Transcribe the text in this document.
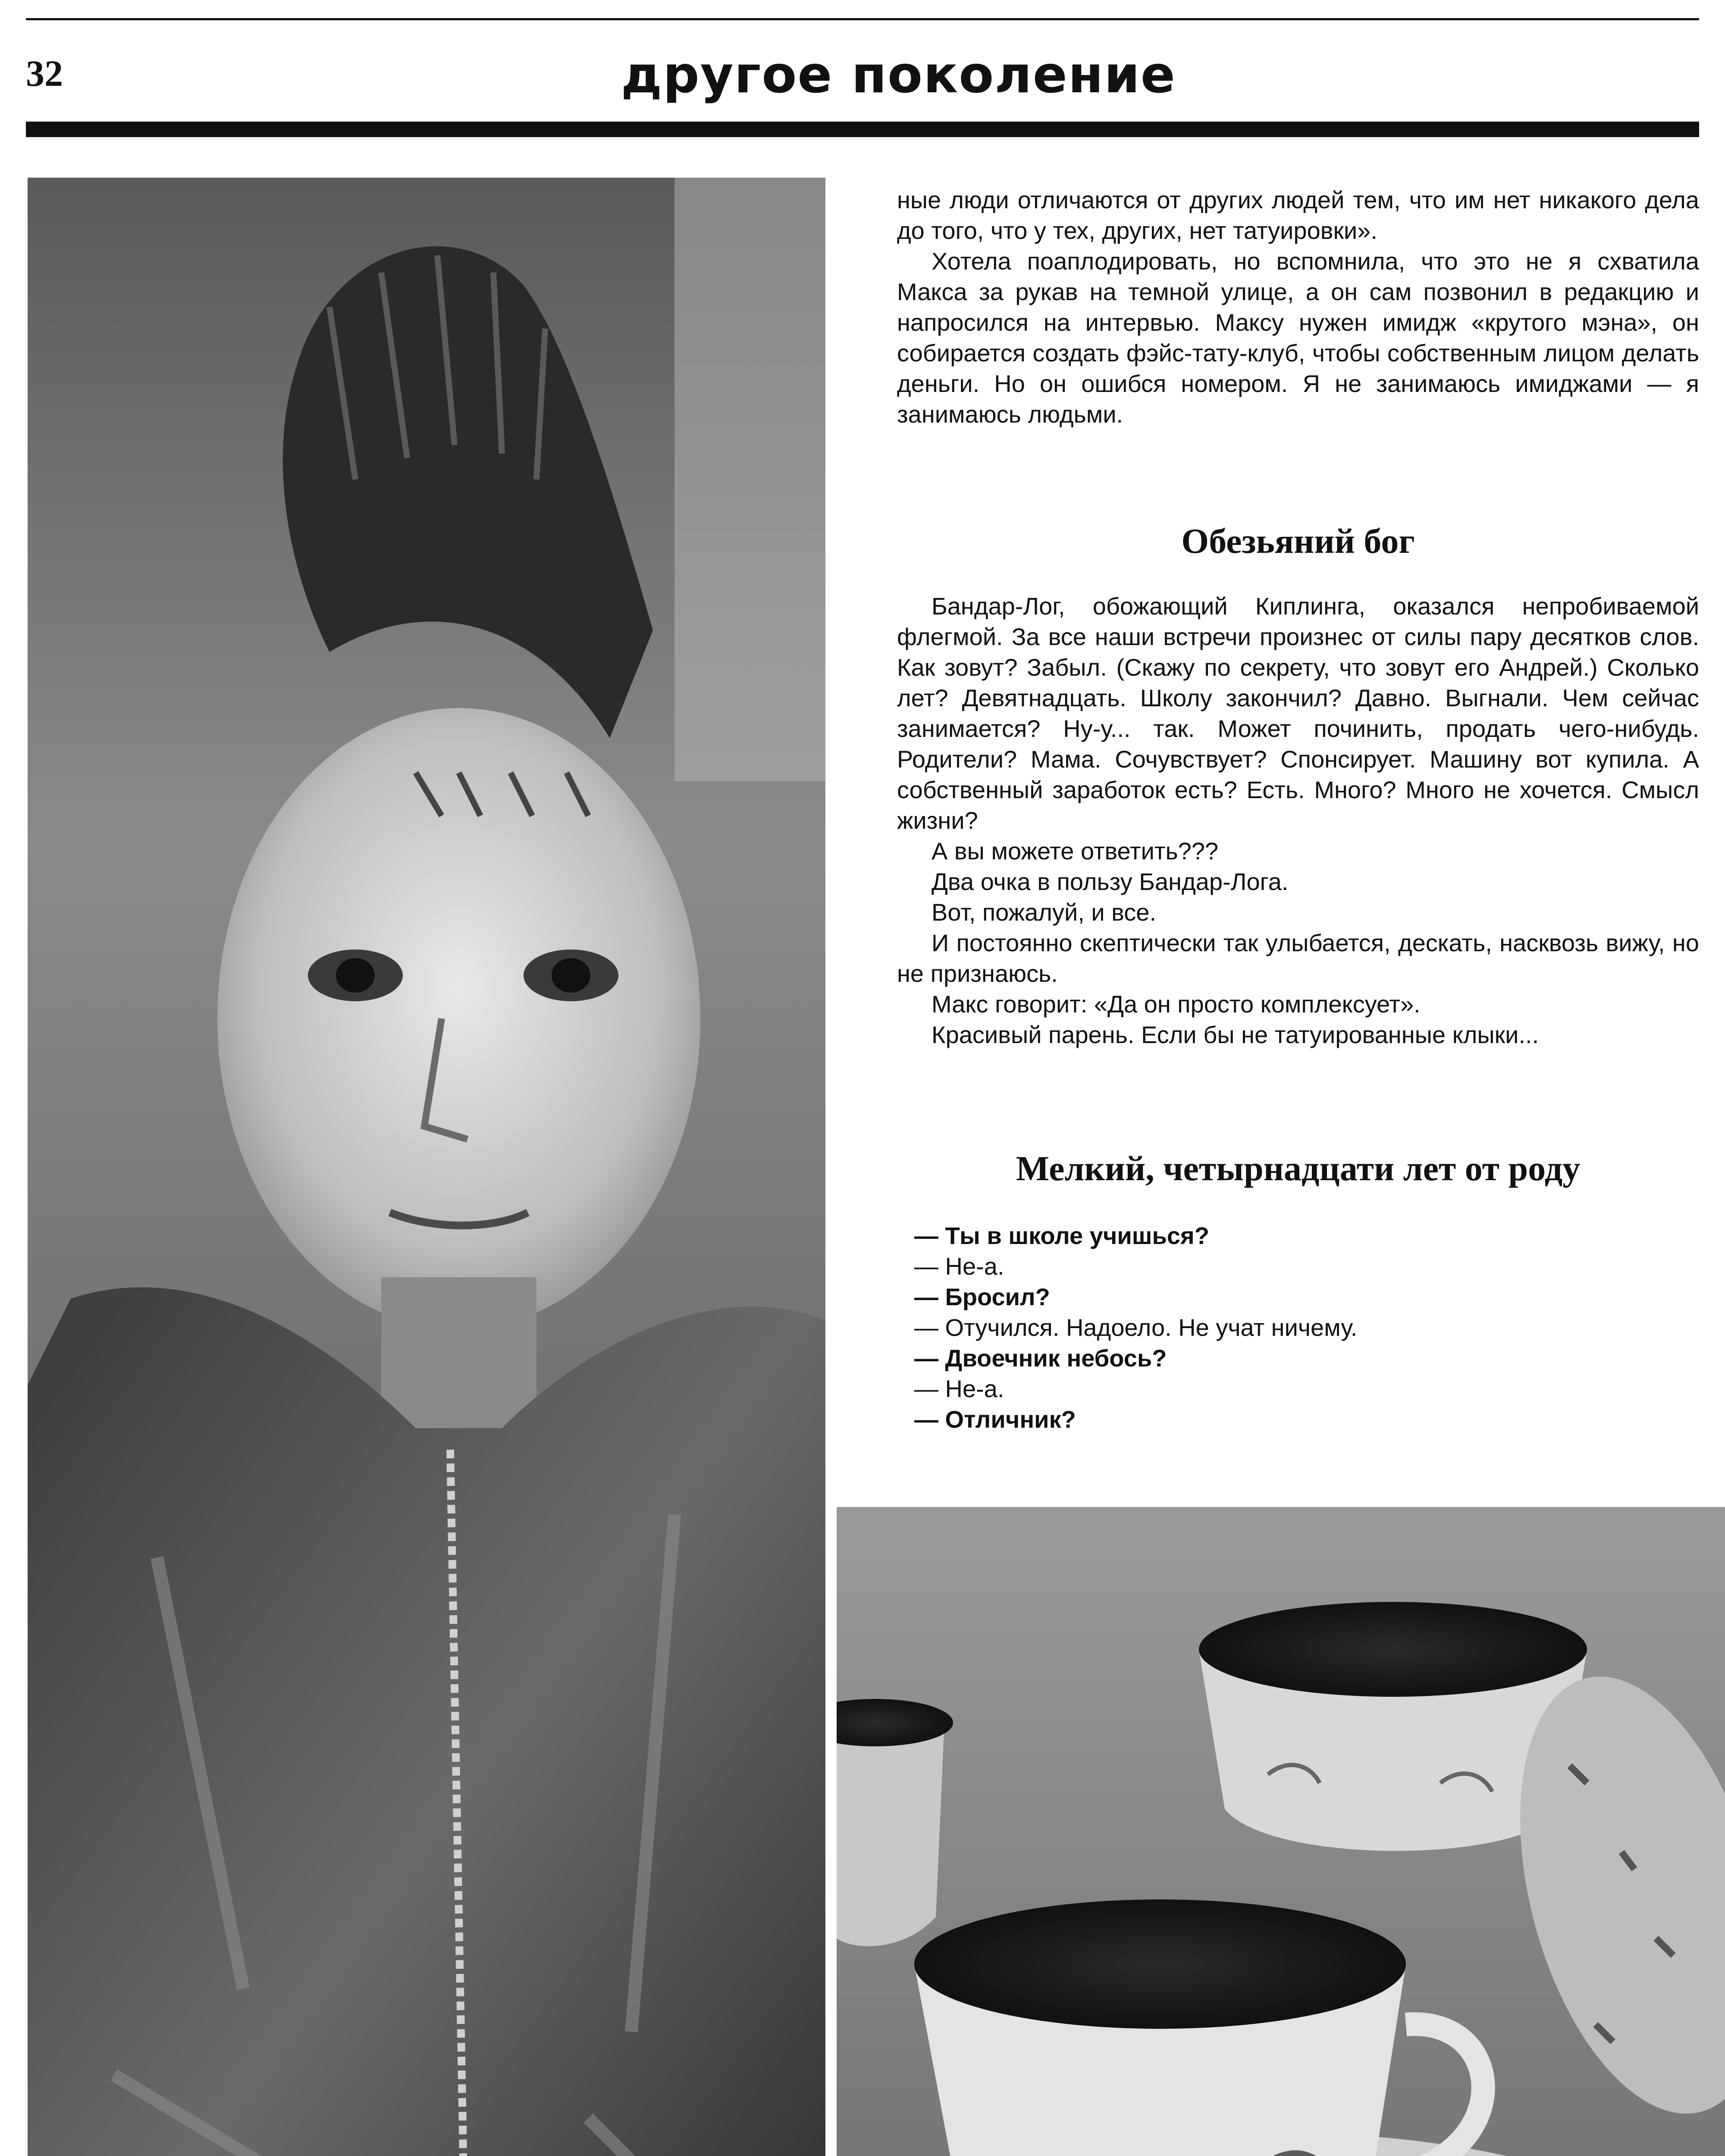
32	другое поколение

ные люди отличаются от других людей тем, что им нет никакого дела до того, что у тех, других, нет татуировки».

Хотела поаплодировать, но вспомнила, что это не я схватила Макса за рукав на темной улице, а он сам позвонил в редакцию и напросился на интервью. Максу нужен имидж «крутого мэна», он собирается создать фэйс-тату-клуб, чтобы собственным лицом делать деньги. Но он ошибся номером. Я не занимаюсь имиджами — я занимаюсь людьми.

Обезьяний бог

Бандар-Лог, обожающий Киплинга, оказался непробиваемой флегмой. За все наши встречи произнес от силы пару десятков слов. Как зовут? Забыл. (Скажу по секрету, что зовут его Андрей.) Сколько лет? Девятнадцать. Школу закончил? Давно. Выгнали. Чем сейчас занимается? Ну-у... так. Может починить, продать чего-нибудь. Родители? Мама. Сочувствует? Спонсирует. Машину вот купила. А собственный заработок есть? Есть. Много? Много не хочется. Смысл жизни?

А вы можете ответить???

Два очка в пользу Бандар-Лога.

Вот, пожалуй, и все.

И постоянно скептически так улыбается, дескать, насквозь вижу, но не признаюсь.

Макс говорит: «Да он просто комплексует».

Красивый парень. Если бы не татуированные клыки...

Мелкий, четырнадцати лет от роду
— Ты в школе учишься?
— Не-а.
— Бросил?
— Отучился. Надоело. Не учат ничему.
— Двоечник небось?
— Не-а.
— Отличник?
